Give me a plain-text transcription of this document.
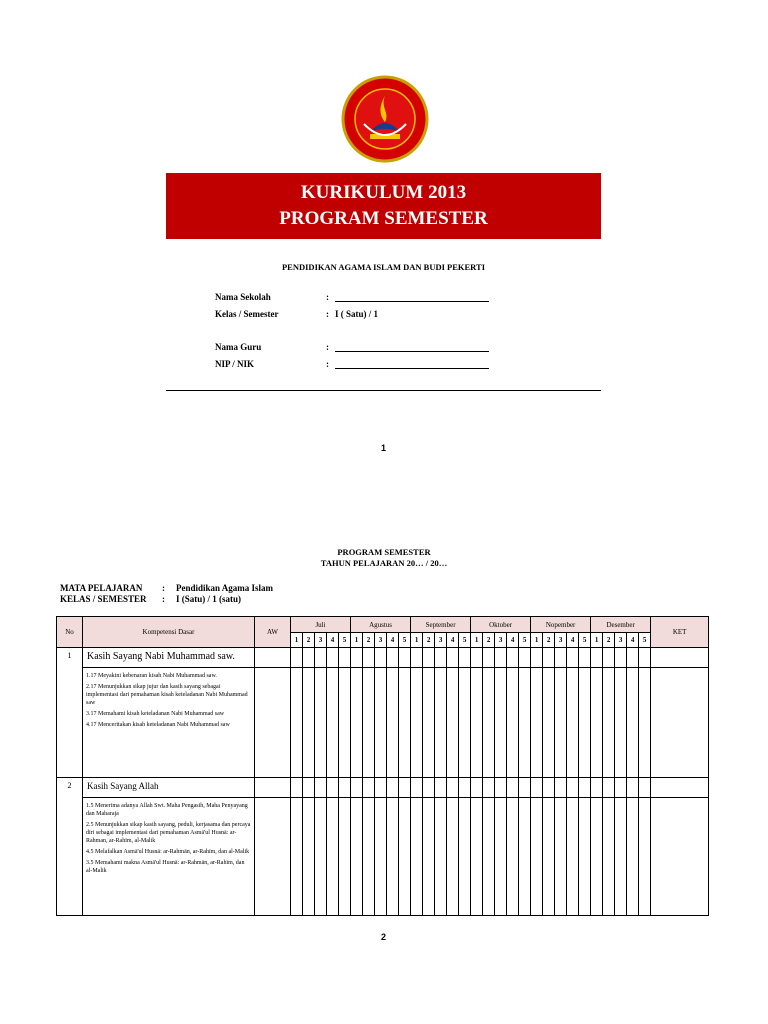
KURIKULUM 2013
PROGRAM SEMESTER
PENDIDIKAN AGAMA ISLAM DAN BUDI PEKERTI
Nama Sekolah	:
Kelas / Semester	: I ( Satu) / 1
Nama Guru	:
NIP / NIK	:
1
PROGRAM SEMESTER
TAHUN PELAJARAN 20… / 20…
MATA PELAJARAN : Pendidikan Agama Islam
KELAS / SEMESTER : I (Satu) / 1 (satu)
No	Kompetensi Dasar	AW	Juli					Agustus					September					Oktober					Nopember					Desember					KET
			1	2	3	4	5	1	2	3	4	5	1	2	3	4	5	1	2	3	4	5	1	2	3	4	5	1	2	3	4	5	
1	Kasih Sayang Nabi Muhammad saw.																																

	1.17 Meyakini kebenaran kisah Nabi Muhammad saw.
2.17 Menunjukkan sikap jujur dan kasih sayang sebagai implementasi dari pemahaman kisah keteladanan Nabi Muhammad saw
3.17 Memahami kisah keteladanan Nabi Muhammad saw
4.17 Menceritakan kisah keteladanan Nabi Muhammad saw																																

2	Kasih Sayang Allah																																

	1.5 Menerima adanya Allah Swt. Maha Pengasih, Maha Penyayang dan Maharaja
2.5 Menunjukkan sikap kasih sayang, peduli, kerjasama dan percaya diri sebagai implementasi dari pemahaman Asmā'ul Husnā: ar-Rahman, ar-Rahīm, al-Malik
4.5 Melafalkan Asmā'ul Husnā: ar-Rahmān, ar-Rahīm, dan al-Malik
3.5 Memahami makna Asmā'ul Husnā: ar-Rahmān, ar-Rahīm, dan al-Malik																																

2
